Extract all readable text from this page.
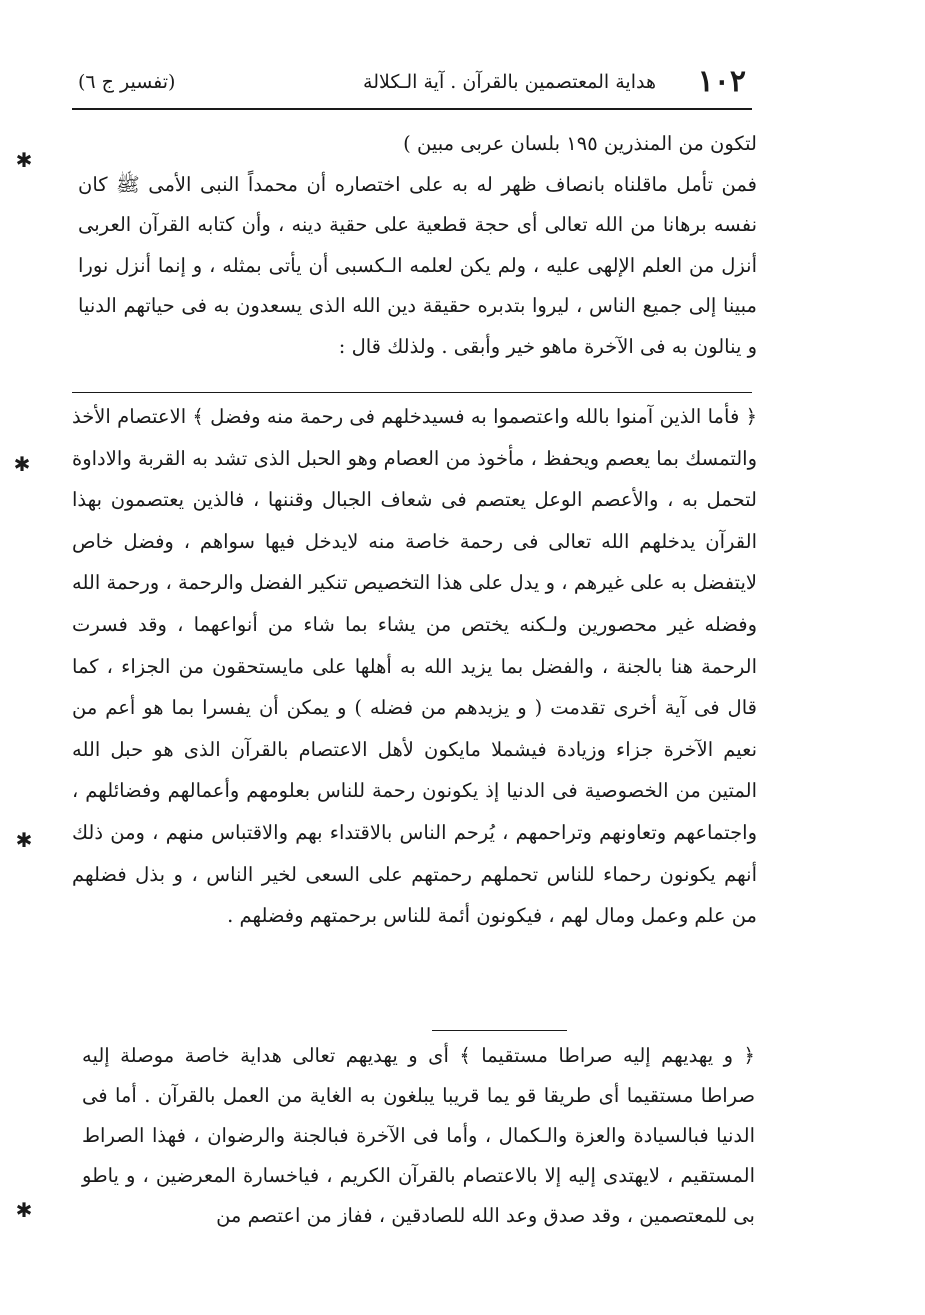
١٠٢
هداية المعتصمين بالقرآن . آية الـكلالة
(تفسير ج ٦)

لتكون من المنذرين ١٩٥ بلسان عربى مبين )

فمن تأمل ماقلناه بانصاف ظهر له به على اختصاره أن محمداً النبى الأمى ﷺ كان نفسه برهانا من الله تعالى أى حجة قطعية على حقية دينه ، وأن كتابه القرآن العربى أنزل من العلم الإلهى عليه ، ولم يكن لعلمه الـكسبى أن يأتى بمثله ، و إنما أنزل نورا مبينا إلى جميع الناس ، ليروا بتدبره حقيقة دين الله الذى يسعدون به فى حياتهم الدنيا و ينالون به فى الآخرة ماهو خير وأبقى . ولذلك قال :

﴿ فأما الذين آمنوا بالله واعتصموا به فسيدخلهم فى رحمة منه وفضل ﴾ الاعتصام الأخذ والتمسك بما يعصم ويحفظ ، مأخوذ من العصام وهو الحبل الذى تشد به القربة والاداوة لتحمل به ، والأعصم الوعل يعتصم فى شعاف الجبال وقننها ، فالذين يعتصمون بهذا القرآن يدخلهم الله تعالى فى رحمة خاصة منه لايدخل فيها سواهم ، وفضل خاص لايتفضل به على غيرهم ، و يدل على هذا التخصيص تنكير الفضل والرحمة ، ورحمة الله وفضله غير محصورين ولـكنه يختص من يشاء بما شاء من أنواعهما ، وقد فسرت الرحمة هنا بالجنة ، والفضل بما يزيد الله به أهلها على مايستحقون من الجزاء ، كما قال فى آية أخرى تقدمت ( و يزيدهم من فضله ) و يمكن أن يفسرا بما هو أعم من نعيم الآخرة جزاء وزيادة فيشملا مايكون لأهل الاعتصام بالقرآن الذى هو حبل الله المتين من الخصوصية فى الدنيا إذ يكونون رحمة للناس بعلومهم وأعمالهم وفضائلهم ، واجتماعهم وتعاونهم وتراحمهم ، يُرحم الناس بالاقتداء بهم والاقتباس منهم ، ومن ذلك أنهم يكونون رحماء للناس تحملهم رحمتهم على السعى لخير الناس ، و بذل فضلهم من علم وعمل ومال لهم ، فيكونون أئمة للناس برحمتهم وفضلهم .

﴿ و يهديهم إليه صراطا مستقيما ﴾ أى و يهديهم تعالى هداية خاصة موصلة إليه صراطا مستقيما أى طريقا قو يما قريبا يبلغون به الغاية من العمل بالقرآن . أما فى الدنيا فبالسيادة والعزة والـكمال ، وأما فى الآخرة فبالجنة والرضوان ، فهذا الصراط المستقيم ، لايهتدى إليه إلا بالاعتصام بالقرآن الكريم ، فياخسارة المعرضين ، و ياطو بى للمعتصمين ، وقد صدق وعد الله للصادقين ، ففاز من اعتصم من

✱
✱
✱
✱
